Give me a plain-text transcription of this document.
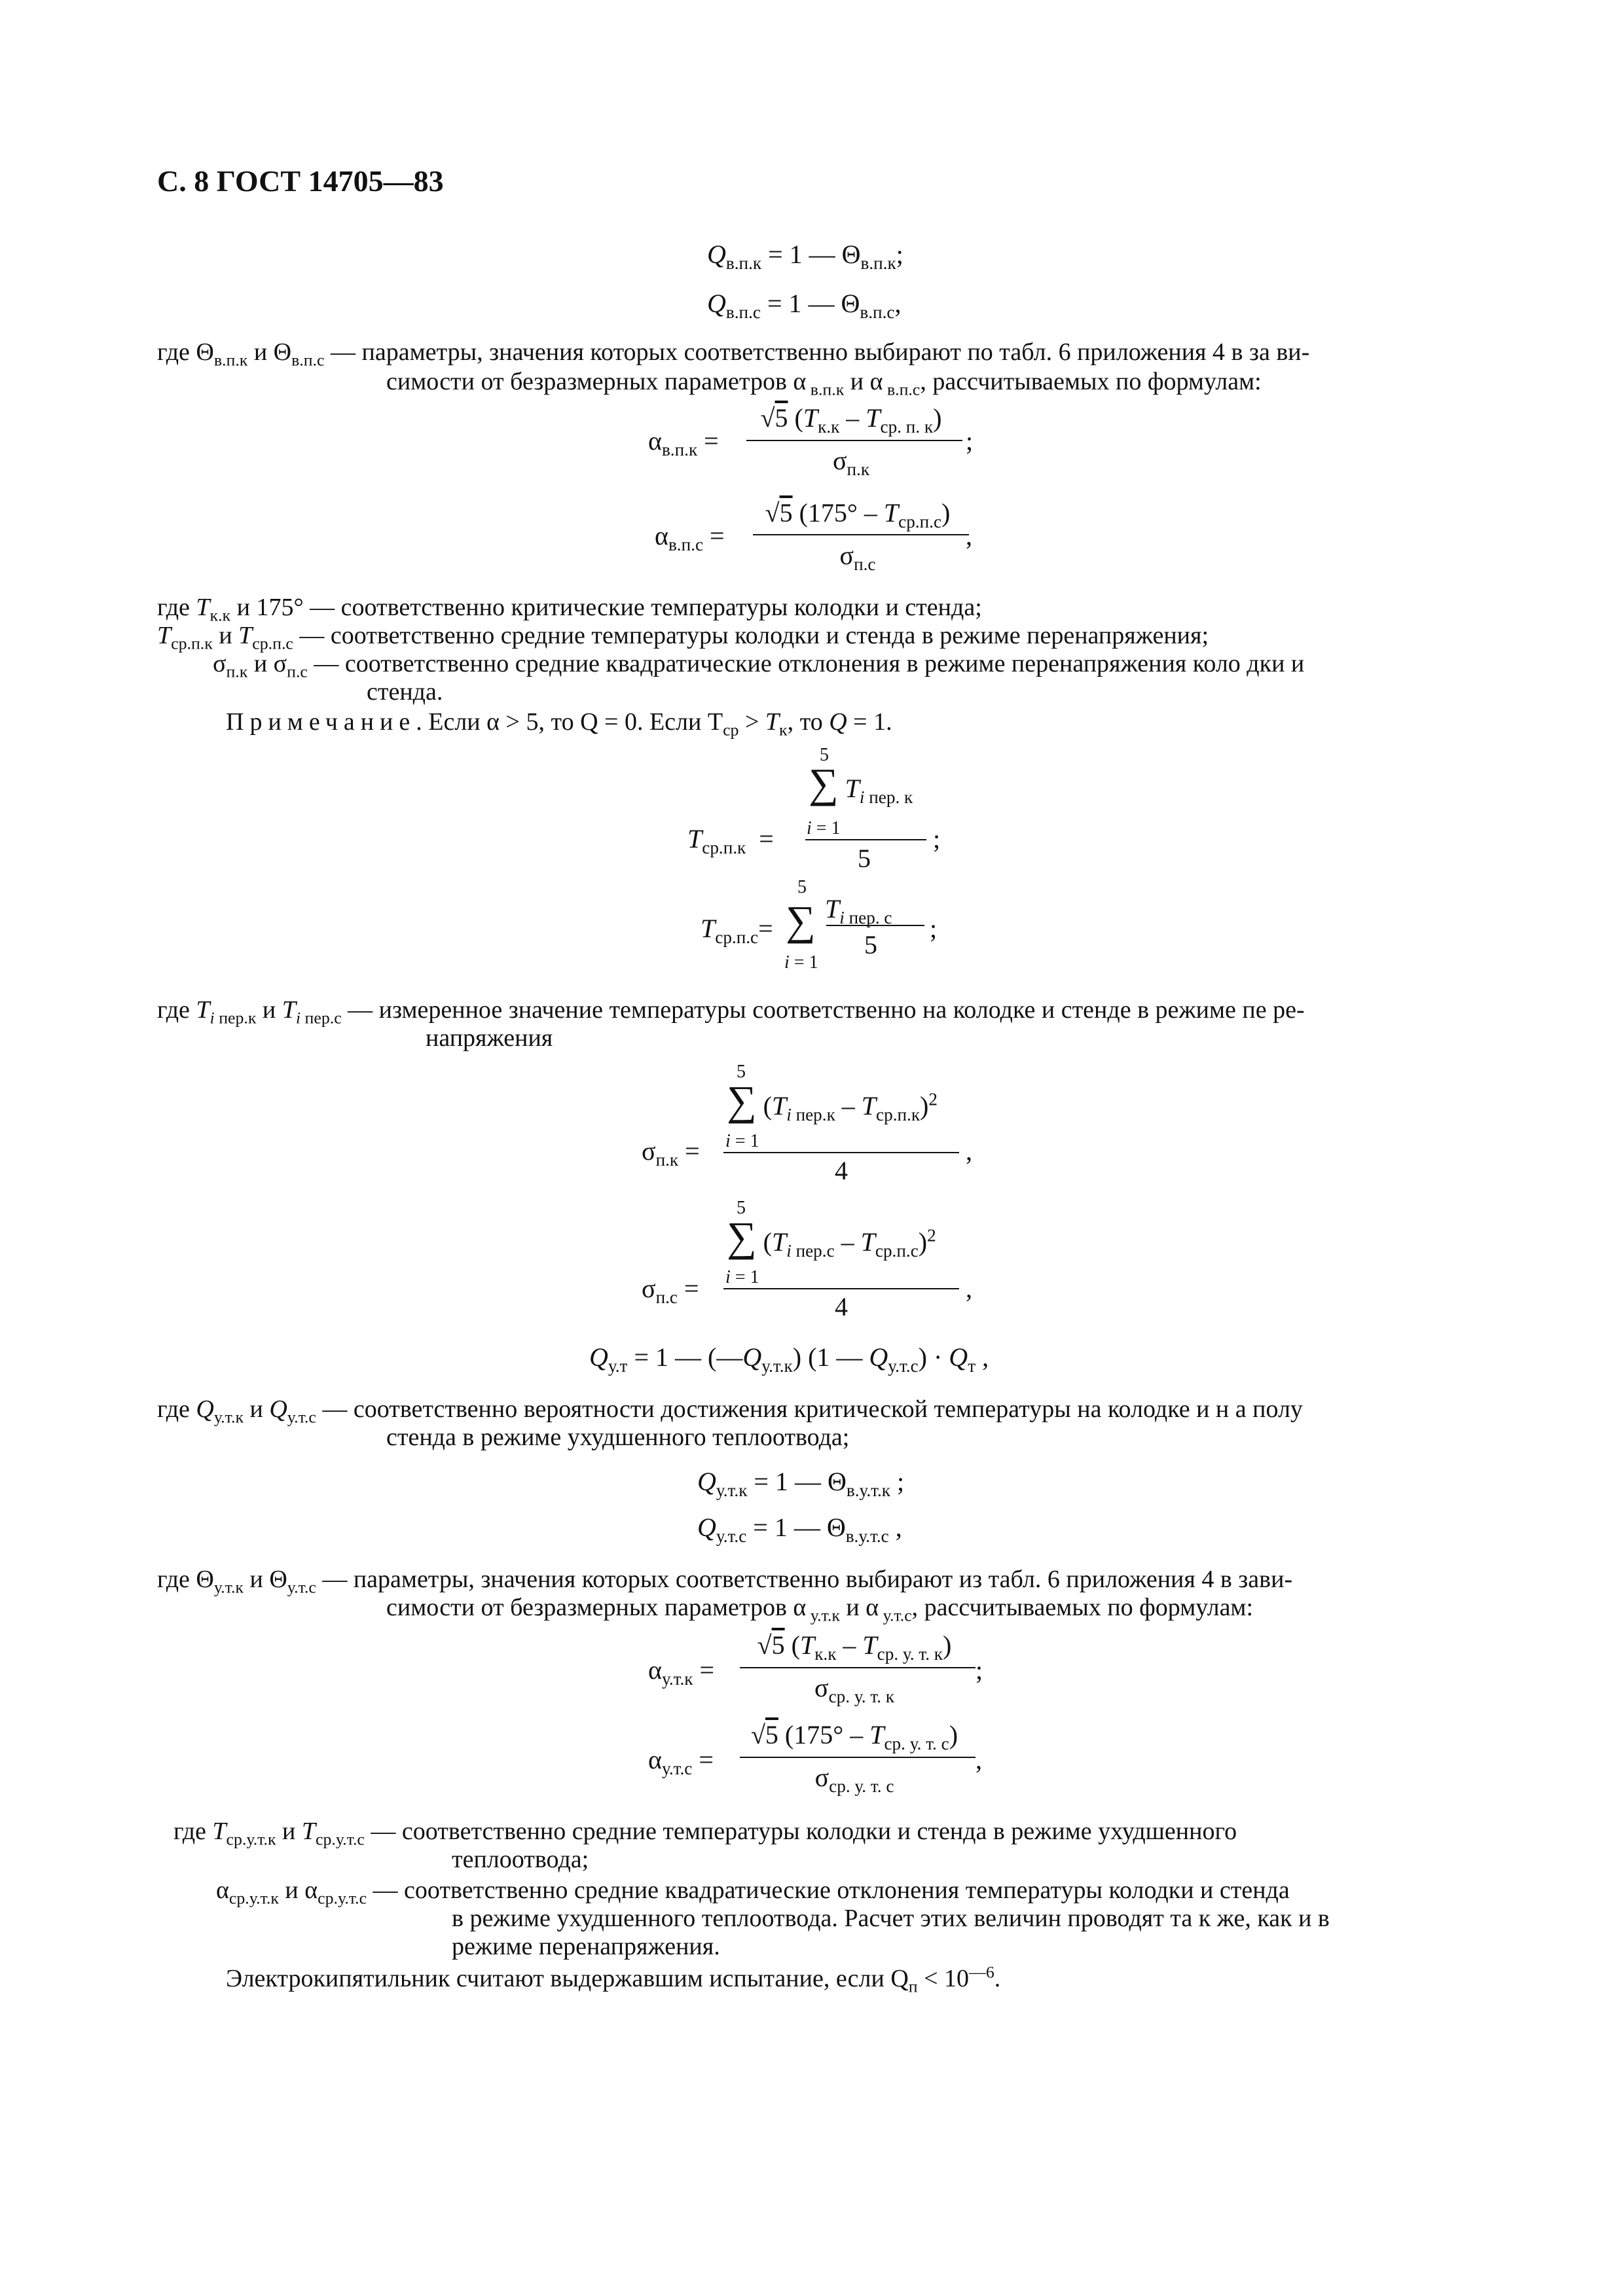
С. 8 ГОСТ 14705—83
$Q_{в.п.к} = 1$ — $\Theta_{в.п.к}$;
$Q_{в.п.с} = 1$ — $\Theta_{в.п.с}$,
где $\Theta_{в.п.к}$ и $\Theta_{в.п.с}$ — параметры, значения которых соответственно выбирают по табл. 6 приложения 4 в за ви-
симости от безразмерных параметров α $_{в.п.к}$ и α $_{в.п.с}$, рассчитываемых по формулам:
$\alpha_{в.п.к}$ =
√5 $(T_{к.к} - T_{ср. п. к})$
$\sigma_{п.к}$
;
$\alpha_{в.п.с}$ =
√5 $(175^\circ - T_{ср.п.с})$
$\sigma_{п.с}$
,
где $T_{к.к}$ и 175° — соответственно критические температуры колодки и стенда;
$T_{ср.п.к}$ и $T_{ср.п.с}$ — соответственно средние температуры колодки и стенда в режиме перенапряжения;
$\sigma_{п.к}$ и $\sigma_{п.с}$ — соответственно средние квадратические отклонения в режиме перенапряжения коло дки и
стенда.
Примечание. Если α > 5, то Q = 0. Если $T_{ср} > T_к$, то Q = 1.
5
∑ $T_{i пер. к}$
i = 1
$T_{ср.п.к}$  =
5
;
5
$T_{ср.п.с}=$ ∑ $T_{i пер. с}$
5
;
i = 1
где $T_{i пер.к}$ и $T_{i пер.с}$ — измеренное значение температуры соответственно на колодке и стенде в режиме пе ре-
напряжения
5
∑ $(T_{i пер.к} - T_{ср.п.к})^2$
i = 1
$\sigma_{п.к}$ =
4
,
5
∑ $(T_{i пер.с} - T_{ср.п.с})^2$
i = 1
$\sigma_{п.с}$ =
4
,
$Q_{у.т} = 1$ — $(—Q_{у.т.к})$ (1 — $Q_{у.т.с}) \cdot Q_т$ ,
где $Q_{у.т.к}$ и $Q_{у.т.с}$ — соответственно вероятности достижения критической температуры на колодке и н а полу
стенда в режиме ухудшенного теплоотвода;
$Q_{у.т.к} = 1$ — $\Theta_{в.у.т.к}$ ;
$Q_{у.т.с} = 1$ — $\Theta_{в.у.т.с}$ ,
где $\Theta_{у.т.к}$ и $\Theta_{у.т.с}$ — параметры, значения которых соответственно выбирают из табл. 6 приложения 4 в зави-
симости от безразмерных параметров α $_{у.т.к}$ и α $_{у.т.с}$, рассчитываемых по формулам:
$\alpha_{у.т.к}$ =
√5 $(T_{к.к} - T_{ср. у. т. к})$
$\sigma_{ср. у. т. к}$
;
$\alpha_{у.т.с}$ =
√5 $(175^\circ - T_{ср. у. т. с})$
$\sigma_{ср. у. т. с}$
,
где $T_{ср.у.т.к}$ и $T_{ср.у.т.с}$ — соответственно средние температуры колодки и стенда в режиме ухудшенного
теплоотвода;
$\alpha_{ср.у.т.к}$ и $\alpha_{ср.у.т.с}$ — соответственно средние квадратические отклонения температуры колодки и стенда
в режиме ухудшенного теплоотвода. Расчет этих величин проводят та к же, как и в
режиме перенапряжения.
Электрокипятильник считают выдержавшим испытание, если $Q_п < 10^{—6}$.
